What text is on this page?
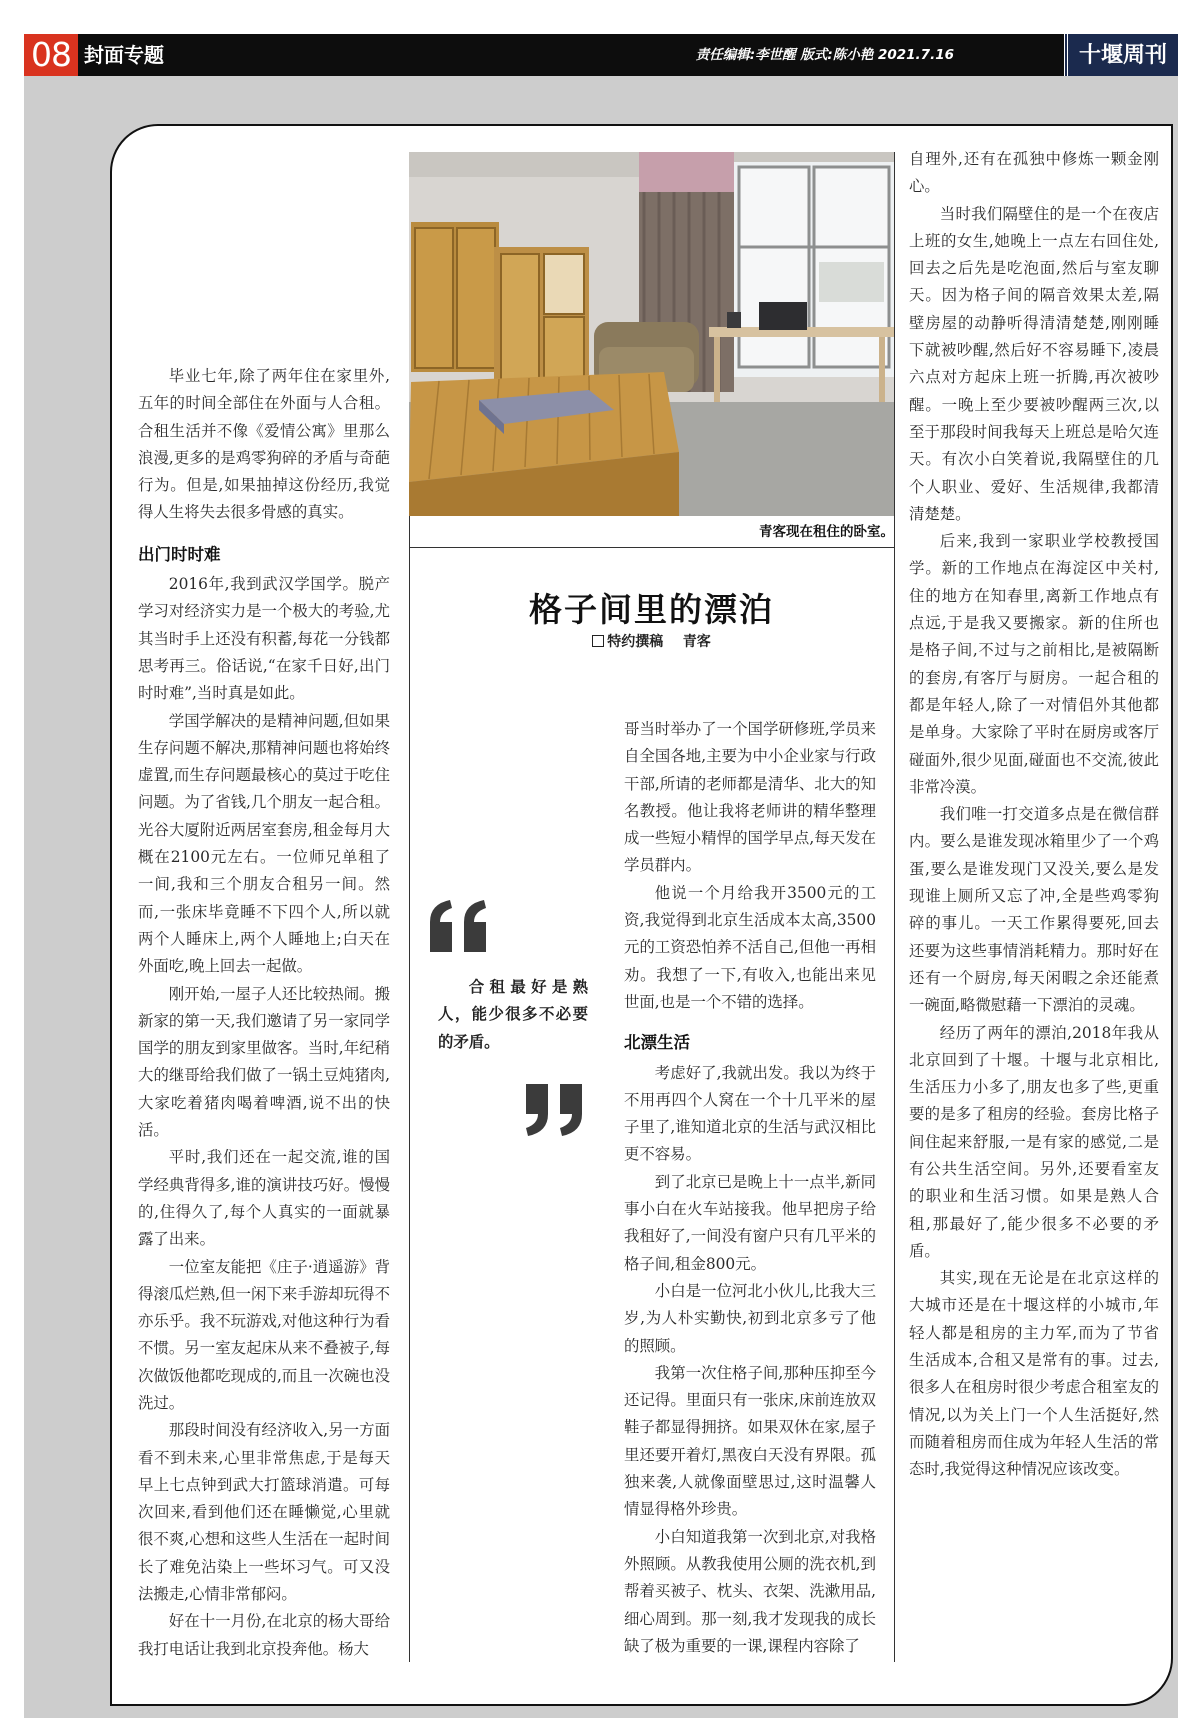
08 封面专题	责任编辑:李世醒 版式:陈小艳 2021.7.16	十堰周刊
青客现在租住的卧室。
格子间里的漂泊
特约撰稿 青客

合租最好是熟人，能少很多不必要的矛盾。

毕业七年,除了两年住在家里外,五年的时间全部住在外面与人合租。合租生活并不像《爱情公寓》里那么浪漫,更多的是鸡零狗碎的矛盾与奇葩行为。但是,如果抽掉这份经历,我觉得人生将失去很多骨感的真实。

出门时时难

2016年,我到武汉学国学。脱产学习对经济实力是一个极大的考验,尤其当时手上还没有积蓄,每花一分钱都思考再三。俗话说,“在家千日好,出门时时难”,当时真是如此。

学国学解决的是精神问题,但如果生存问题不解决,那精神问题也将始终虚置,而生存问题最核心的莫过于吃住问题。为了省钱,几个朋友一起合租。光谷大厦附近两居室套房,租金每月大概在2100元左右。一位师兄单租了一间,我和三个朋友合租另一间。然而,一张床毕竟睡不下四个人,所以就两个人睡床上,两个人睡地上;白天在外面吃,晚上回去一起做。

刚开始,一屋子人还比较热闹。搬新家的第一天,我们邀请了另一家同学国学的朋友到家里做客。当时,年纪稍大的继哥给我们做了一锅土豆炖猪肉,大家吃着猪肉喝着啤酒,说不出的快活。

平时,我们还在一起交流,谁的国学经典背得多,谁的演讲技巧好。慢慢的,住得久了,每个人真实的一面就暴露了出来。

一位室友能把《庄子·逍遥游》背得滚瓜烂熟,但一闲下来手游却玩得不亦乐乎。我不玩游戏,对他这种行为看不惯。另一室友起床从来不叠被子,每次做饭他都吃现成的,而且一次碗也没洗过。

那段时间没有经济收入,另一方面看不到未来,心里非常焦虑,于是每天早上七点钟到武大打篮球消遣。可每次回来,看到他们还在睡懒觉,心里就很不爽,心想和这些人生活在一起时间长了难免沾染上一些坏习气。可又没法搬走,心情非常郁闷。

好在十一月份,在北京的杨大哥给我打电话让我到北京投奔他。杨大

哥当时举办了一个国学研修班,学员来自全国各地,主要为中小企业家与行政干部,所请的老师都是清华、北大的知名教授。他让我将老师讲的精华整理成一些短小精悍的国学早点,每天发在学员群内。

他说一个月给我开3500元的工资,我觉得到北京生活成本太高,3500元的工资恐怕养不活自己,但他一再相劝。我想了一下,有收入,也能出来见世面,也是一个不错的选择。

北漂生活

考虑好了,我就出发。我以为终于不用再四个人窝在一个十几平米的屋子里了,谁知道北京的生活与武汉相比更不容易。

到了北京已是晚上十一点半,新同事小白在火车站接我。他早把房子给我租好了,一间没有窗户只有几平米的格子间,租金800元。

小白是一位河北小伙儿,比我大三岁,为人朴实勤快,初到北京多亏了他的照顾。

我第一次住格子间,那种压抑至今还记得。里面只有一张床,床前连放双鞋子都显得拥挤。如果双休在家,屋子里还要开着灯,黑夜白天没有界限。孤独来袭,人就像面壁思过,这时温馨人情显得格外珍贵。

小白知道我第一次到北京,对我格外照顾。从教我使用公厕的洗衣机,到帮着买被子、枕头、衣架、洗漱用品,细心周到。那一刻,我才发现我的成长缺了极为重要的一课,课程内容除了

自理外,还有在孤独中修炼一颗金刚心。

当时我们隔壁住的是一个在夜店上班的女生,她晚上一点左右回住处,回去之后先是吃泡面,然后与室友聊天。因为格子间的隔音效果太差,隔壁房屋的动静听得清清楚楚,刚刚睡下就被吵醒,然后好不容易睡下,凌晨六点对方起床上班一折腾,再次被吵醒。一晚上至少要被吵醒两三次,以至于那段时间我每天上班总是哈欠连天。有次小白笑着说,我隔壁住的几个人职业、爱好、生活规律,我都清清楚楚。

后来,我到一家职业学校教授国学。新的工作地点在海淀区中关村,住的地方在知春里,离新工作地点有点远,于是我又要搬家。新的住所也是格子间,不过与之前相比,是被隔断的套房,有客厅与厨房。一起合租的都是年轻人,除了一对情侣外其他都是单身。大家除了平时在厨房或客厅碰面外,很少见面,碰面也不交流,彼此非常冷漠。

我们唯一打交道多点是在微信群内。要么是谁发现冰箱里少了一个鸡蛋,要么是谁发现门又没关,要么是发现谁上厕所又忘了冲,全是些鸡零狗碎的事儿。一天工作累得要死,回去还要为这些事情消耗精力。那时好在还有一个厨房,每天闲暇之余还能煮一碗面,略微慰藉一下漂泊的灵魂。

经历了两年的漂泊,2018年我从北京回到了十堰。十堰与北京相比,生活压力小多了,朋友也多了些,更重要的是多了租房的经验。套房比格子间住起来舒服,一是有家的感觉,二是有公共生活空间。另外,还要看室友的职业和生活习惯。如果是熟人合租,那最好了,能少很多不必要的矛盾。

其实,现在无论是在北京这样的大城市还是在十堰这样的小城市,年轻人都是租房的主力军,而为了节省生活成本,合租又是常有的事。过去,很多人在租房时很少考虑合租室友的情况,以为关上门一个人生活挺好,然而随着租房而住成为年轻人生活的常态时,我觉得这种情况应该改变。
